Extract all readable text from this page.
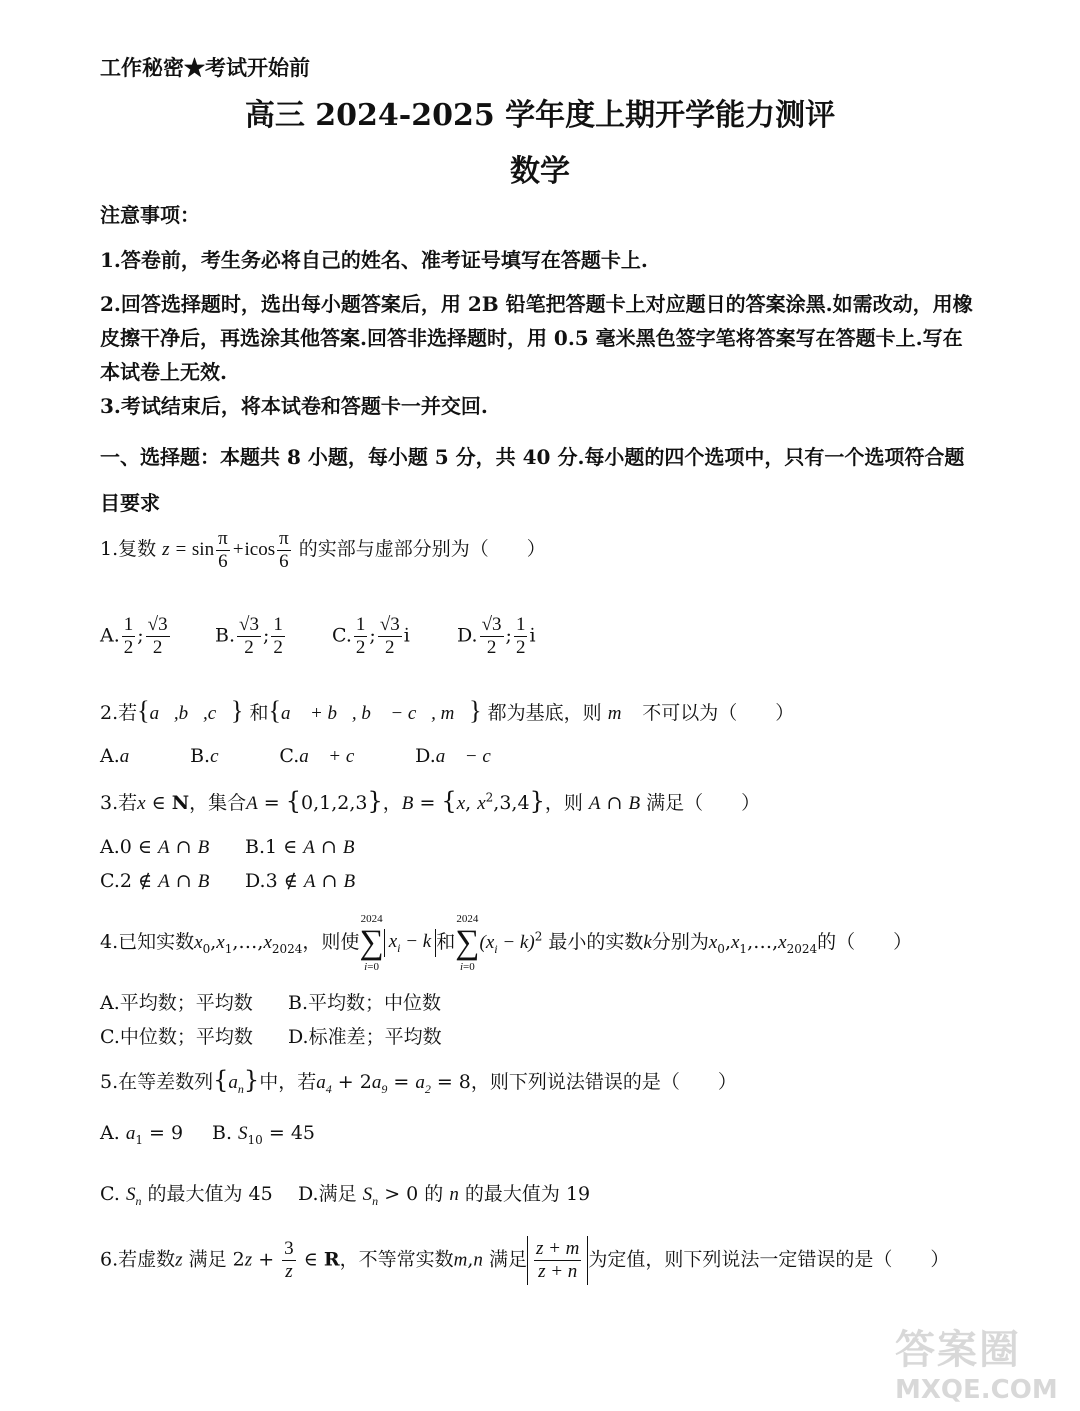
工作秘密★考试开始前
高三 2024-2025 学年度上期开学能力测评
数学
注意事项：
1.答卷前，考生务必将自己的姓名、准考证号填写在答题卡上.
2.回答选择题时，选出每小题答案后，用 2B 铅笔把答题卡上对应题日的答案涂黑.如需改动，用橡皮擦干净后，再选涂其他答案.回答非选择题时，用 0.5 毫米黑色签字笔将答案写在答题卡上.写在本试卷上无效.
3.考试结束后，将本试卷和答题卡一并交回.
一、选择题：本题共 8 小题，每小题 5 分，共 40 分.每小题的四个选项中，只有一个选项符合题目要求
1.复数 $z = \sin \frac{\pi}{6} +icos \frac{\pi}{6}$ 的实部与虚部分别为（　　）
A. $\frac{1}{2}$ ; $\frac{√3}{2} B$. $\frac{√3}{2}$ ; $\frac{1}{2} C$. $\frac{1}{2}$ ; $\frac{√3}{2}$ i D. $\frac{√3}{2}$ ; $\frac{1}{2}$ i
2.若{a⃗,b⃗,c⃗} 和{a⃗ + b⃗, b⃗ − c⃗, m⃗} 都为基底，则 m⃗ 不可以为（　　）
A.a⃗ B.c⃗ C.a⃗ + c⃗ D.a⃗ − c⃗
3.若x ∈ N，集合A = {0,1,2,3}，B = {x, $x^2,3,4$}，则 A ∩ B 满足（　　）
A.0 ∈ A ∩ B B.1 ∈ A ∩ B
C.2 ∉ A ∩ B D.3 ∉ A ∩ B
4.已知实数$x_0,x_1,\dots,x_{2024}$，则使
2024
∑
i=0
$x_i - k$ 和
2024
∑
i=0
$(x_i - k)^2$ 最小的实数k分别为$x_0,x_1,\dots,x_{2024}$的（　　）
A.平均数；平均数 B.平均数；中位数
C.中位数；平均数 D.标准差；平均数
5.在等差数列$\{a_n\}$中，若$a_4 + 2a_9 = a_2 = 8$，则下列说法错误的是（　　）
A. $a_1 = 9$ B. $S_{10} = 45$
C. $S_n$ 的最大值为 45 D.满足 $S_n > 0$ 的 n 的最大值为 19
6.若虚数z 满足 $2z + \frac{3}{z}$ ∈ R，不等常实数m,n 满足 $\frac{z + m}{z + n}$ 为定值，则下列说法一定错误的是（　　）
答案圈
MXQE.COM
